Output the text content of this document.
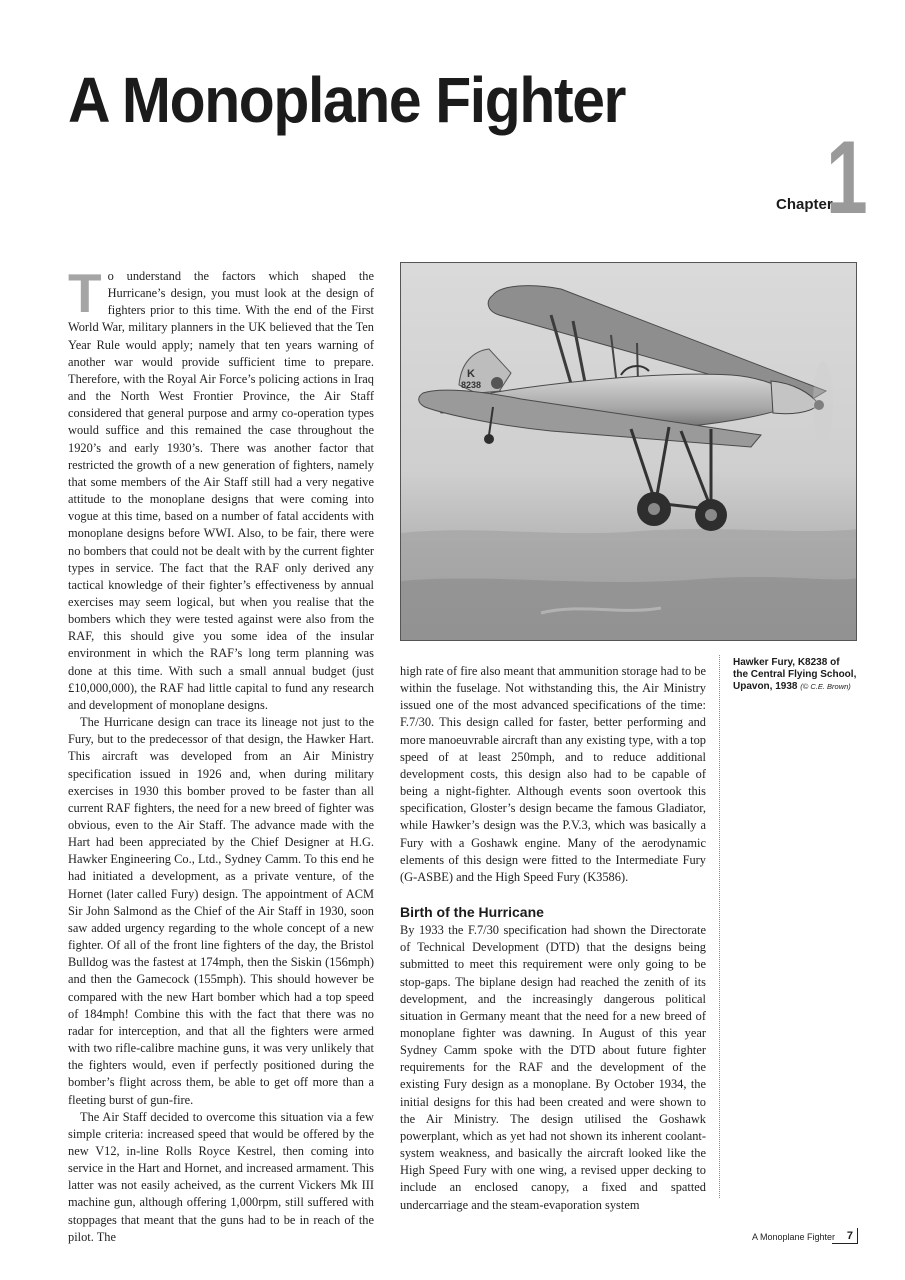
A Monoplane Fighter
Chapter
1

To understand the factors which shaped the Hurricane’s design, you must look at the design of fighters prior to this time. With the end of the First World War, military planners in the UK believed that the Ten Year Rule would apply; namely that ten years warning of another war would provide sufficient time to prepare. Therefore, with the Royal Air Force’s policing actions in Iraq and the North West Frontier Province, the Air Staff considered that general purpose and army co-operation types would suffice and this remained the case throughout the 1920’s and early 1930’s. There was another factor that restricted the growth of a new generation of fighters, namely that some members of the Air Staff still had a very negative attitude to the monoplane designs that were coming into vogue at this time, based on a number of fatal accidents with monoplane designs before WWI. Also, to be fair, there were no bombers that could not be dealt with by the current fighter types in service. The fact that the RAF only derived any tactical knowledge of their fighter’s effectiveness by annual exercises may seem logical, but when you realise that the bombers which they were tested against were also from the RAF, this should give you some idea of the insular environment in which the RAF’s long term planning was done at this time. With such a small annual budget (just £10,000,000), the RAF had little capital to fund any research and development of monoplane designs.

The Hurricane design can trace its lineage not just to the Fury, but to the predecessor of that design, the Hawker Hart. This aircraft was developed from an Air Ministry specification issued in 1926 and, when during military exercises in 1930 this bomber proved to be faster than all current RAF fighters, the need for a new breed of fighter was obvious, even to the Air Staff. The advance made with the Hart had been appreciated by the Chief Designer at H.G. Hawker Engineering Co., Ltd., Sydney Camm. To this end he had initiated a development, as a private venture, of the Hornet (later called Fury) design. The appointment of ACM Sir John Salmond as the Chief of the Air Staff in 1930, soon saw added urgency regarding to the whole concept of a new fighter. Of all of the front line fighters of the day, the Bristol Bulldog was the fastest at 174mph, then the Siskin (156mph) and then the Gamecock (155mph). This should however be compared with the new Hart bomber which had a top speed of 184mph! Combine this with the fact that there was no radar for interception, and that all the fighters were armed with two rifle-calibre machine guns, it was very unlikely that the fighters would, even if perfectly positioned during the bomber’s flight across them, be able to get off more than a fleeting burst of gun-fire.

The Air Staff decided to overcome this situation via a few simple criteria: increased speed that would be offered by the new V12, in-line Rolls Royce Kestrel, then coming into service in the Hart and Hornet, and increased armament. This latter was not easily acheived, as the current Vickers Mk III machine gun, although offering 1,000rpm, still suffered with stoppages that meant that the guns had to be in reach of the pilot. The

K
8238
Hawker Fury, K8238 of the Central Flying School, Upavon, 1938 (© C.E. Brown)

high rate of fire also meant that ammunition storage had to be within the fuselage. Not withstanding this, the Air Ministry issued one of the most advanced specifications of the time: F.7/30. This design called for faster, better performing and more manoeuvrable aircraft than any existing type, with a top speed of at least 250mph, and to reduce additional development costs, this design also had to be capable of being a night-fighter. Although events soon overtook this specification, Gloster’s design became the famous Gladiator, while Hawker’s design was the P.V.3, which was basically a Fury with a Goshawk engine. Many of the aerodynamic elements of this design were fitted to the Intermediate Fury (G-ASBE) and the High Speed Fury (K3586).

Birth of the Hurricane

By 1933 the F.7/30 specification had shown the Directorate of Technical Development (DTD) that the designs being submitted to meet this requirement were only going to be stop-gaps. The biplane design had reached the zenith of its development, and the increasingly dangerous political situation in Germany meant that the need for a new breed of monoplane fighter was dawning. In August of this year Sydney Camm spoke with the DTD about future fighter requirements for the RAF and the development of the existing Fury design as a monoplane. By October 1934, the initial designs for this had been created and were shown to the Air Ministry. The design utilised the Goshawk powerplant, which as yet had not shown its inherent coolant-system weakness, and basically the aircraft looked like the High Speed Fury with one wing, a revised upper decking to include an enclosed canopy, a fixed and spatted undercarriage and the steam-evaporation system

A Monoplane Fighter	7
